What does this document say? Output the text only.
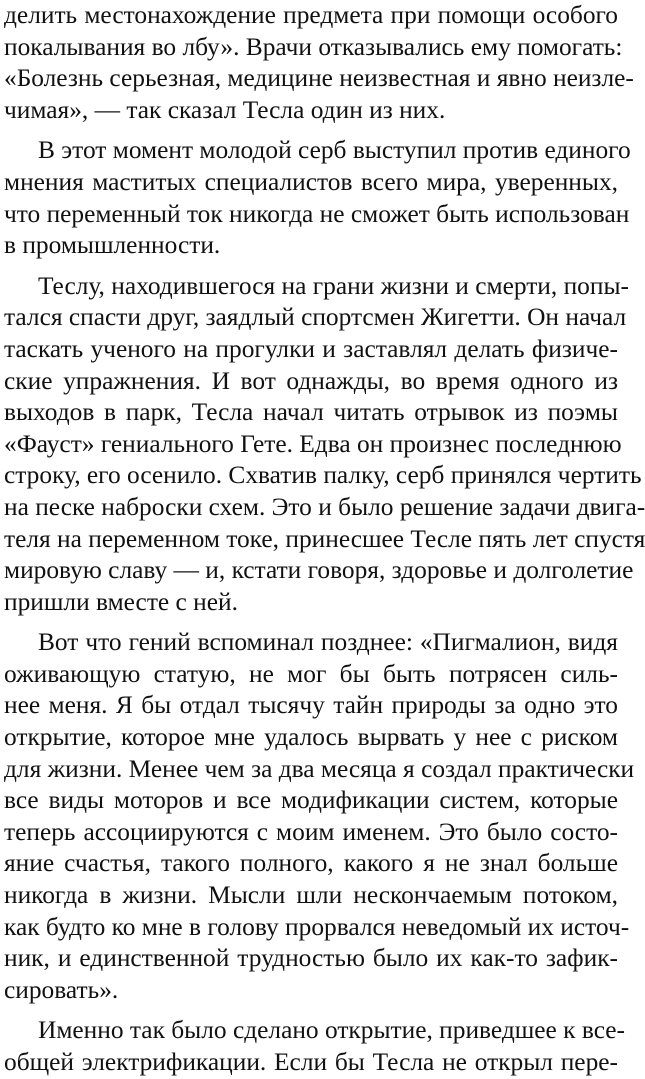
делить местонахождение предмета при помощи особого
покалывания во лбу». Врачи отказывались ему помогать:
«Болезнь серьезная, медицине неизвестная и явно неизле-
чимая», — так сказал Тесла один из них.
В этот момент молодой серб выступил против единого
мнения маститых специалистов всего мира, уверенных,
что переменный ток никогда не сможет быть использован
в промышленности.
Теслу, находившегося на грани жизни и смерти, попы-
тался спасти друг, заядлый спортсмен Жигетти. Он начал
таскать ученого на прогулки и заставлял делать физиче-
ские упражнения. И вот однажды, во время одного из
выходов в парк, Тесла начал читать отрывок из поэмы
«Фауст» гениального Гете. Едва он произнес последнюю
строку, его осенило. Схватив палку, серб принялся чертить
на песке наброски схем. Это и было решение задачи двига-
теля на переменном токе, принесшее Тесле пять лет спустя
мировую славу — и, кстати говоря, здоровье и долголетие
пришли вместе с ней.
Вот что гений вспоминал позднее: «Пигмалион, видя
оживающую статую, не мог бы быть потрясен силь-
нее меня. Я бы отдал тысячу тайн природы за одно это
открытие, которое мне удалось вырвать у нее с риском
для жизни. Менее чем за два месяца я создал практически
все виды моторов и все модификации систем, которые
теперь ассоциируются с моим именем. Это было состо-
яние счастья, такого полного, какого я не знал больше
никогда в жизни. Мысли шли нескончаемым потоком,
как будто ко мне в голову прорвался неведомый их источ-
ник, и единственной трудностью было их как-то зафик-
сировать».
Именно так было сделано открытие, приведшее к все-
общей электрификации. Если бы Тесла не открыл пере-
